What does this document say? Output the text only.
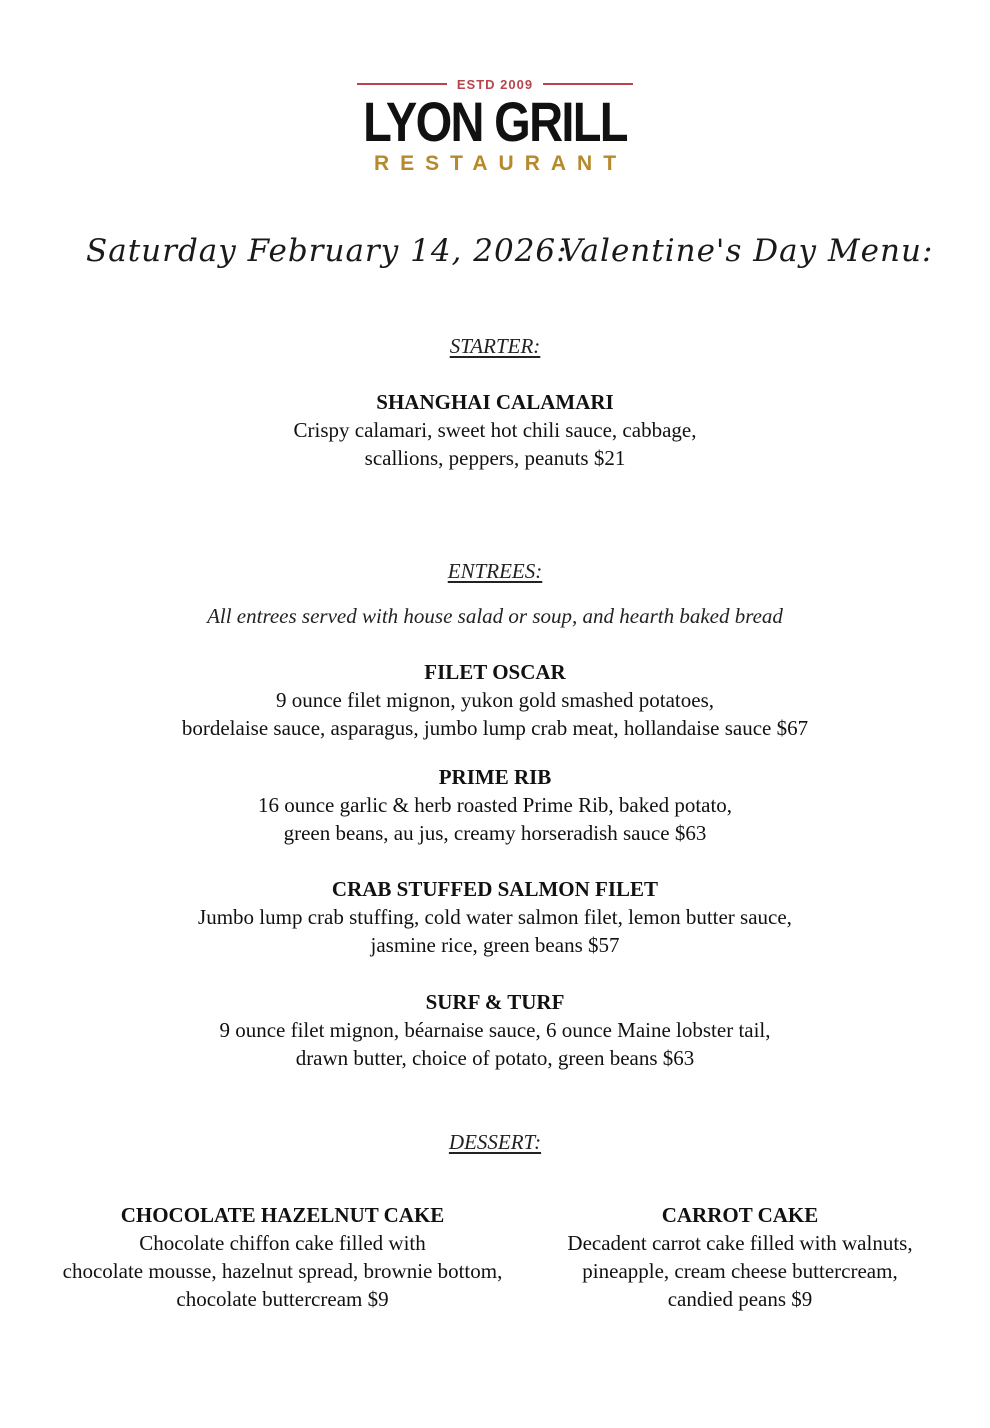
ESTD 2009
LYON GRILL
RESTAURANT
Saturday February 14, 2026:
Valentine's Day Menu:
STARTER:
SHANGHAI CALAMARI
Crispy calamari, sweet hot chili sauce, cabbage,
scallions, peppers, peanuts $21
ENTREES:
All entrees served with house salad or soup, and hearth baked bread
FILET OSCAR
9 ounce filet mignon, yukon gold smashed potatoes,
bordelaise sauce, asparagus, jumbo lump crab meat, hollandaise sauce $67
PRIME RIB
16 ounce garlic & herb roasted Prime Rib, baked potato,
green beans, au jus, creamy horseradish sauce $63
CRAB STUFFED SALMON FILET
Jumbo lump crab stuffing, cold water salmon filet, lemon butter sauce,
jasmine rice, green beans $57
SURF & TURF
9 ounce filet mignon, béarnaise sauce, 6 ounce Maine lobster tail,
drawn butter, choice of potato, green beans $63
DESSERT:
CHOCOLATE HAZELNUT CAKE
Chocolate chiffon cake filled with
chocolate mousse, hazelnut spread, brownie bottom,
chocolate buttercream $9
CARROT CAKE
Decadent carrot cake filled with walnuts,
pineapple, cream cheese buttercream,
candied peans $9
